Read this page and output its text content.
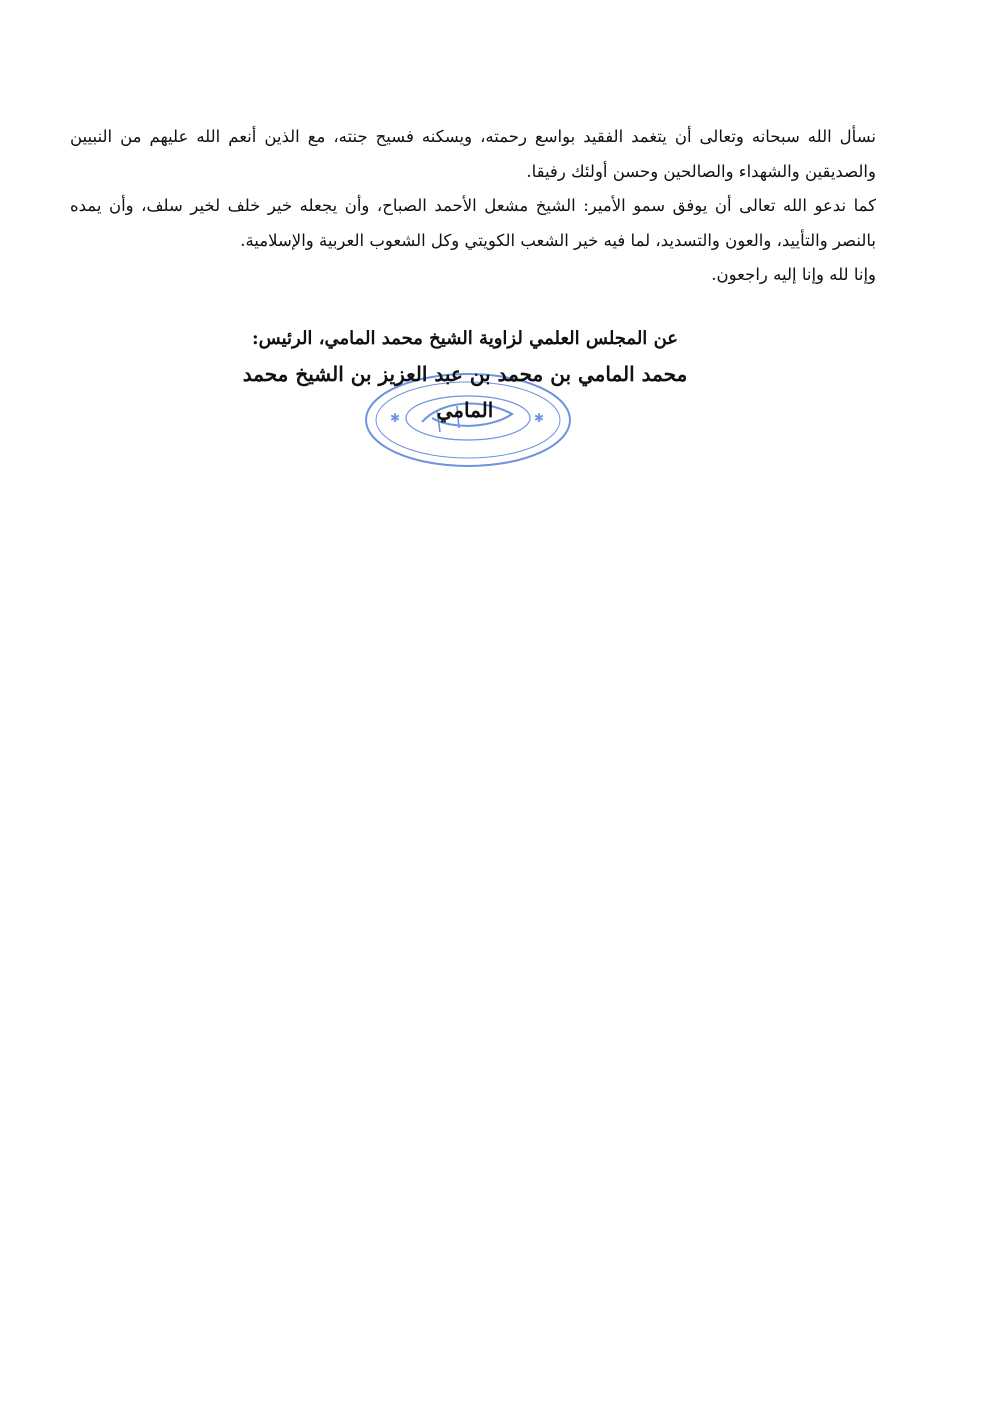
نسأل الله سبحانه وتعالى أن يتغمد الفقيد بواسع رحمته، ويسكنه فسيح جنته، مع الذين أنعم الله عليهم من النبيين والصديقين والشهداء والصالحين وحسن أولئك رفيقا.

كما ندعو الله تعالى أن يوفق سمو الأمير: الشيخ مشعل الأحمد الصباح، وأن يجعله خير خلف لخير سلف، وأن يمده بالنصر والتأييد، والعون والتسديد، لما فيه خير الشعب الكويتي وكل الشعوب العربية والإسلامية.

وإنا لله وإنا إليه راجعون.

✱	✱

عن المجلس العلمي لزاوية الشيخ محمد المامي، الرئيس:

محمد المامي بن محمد بن عبد العزيز بن الشيخ محمد المامي
